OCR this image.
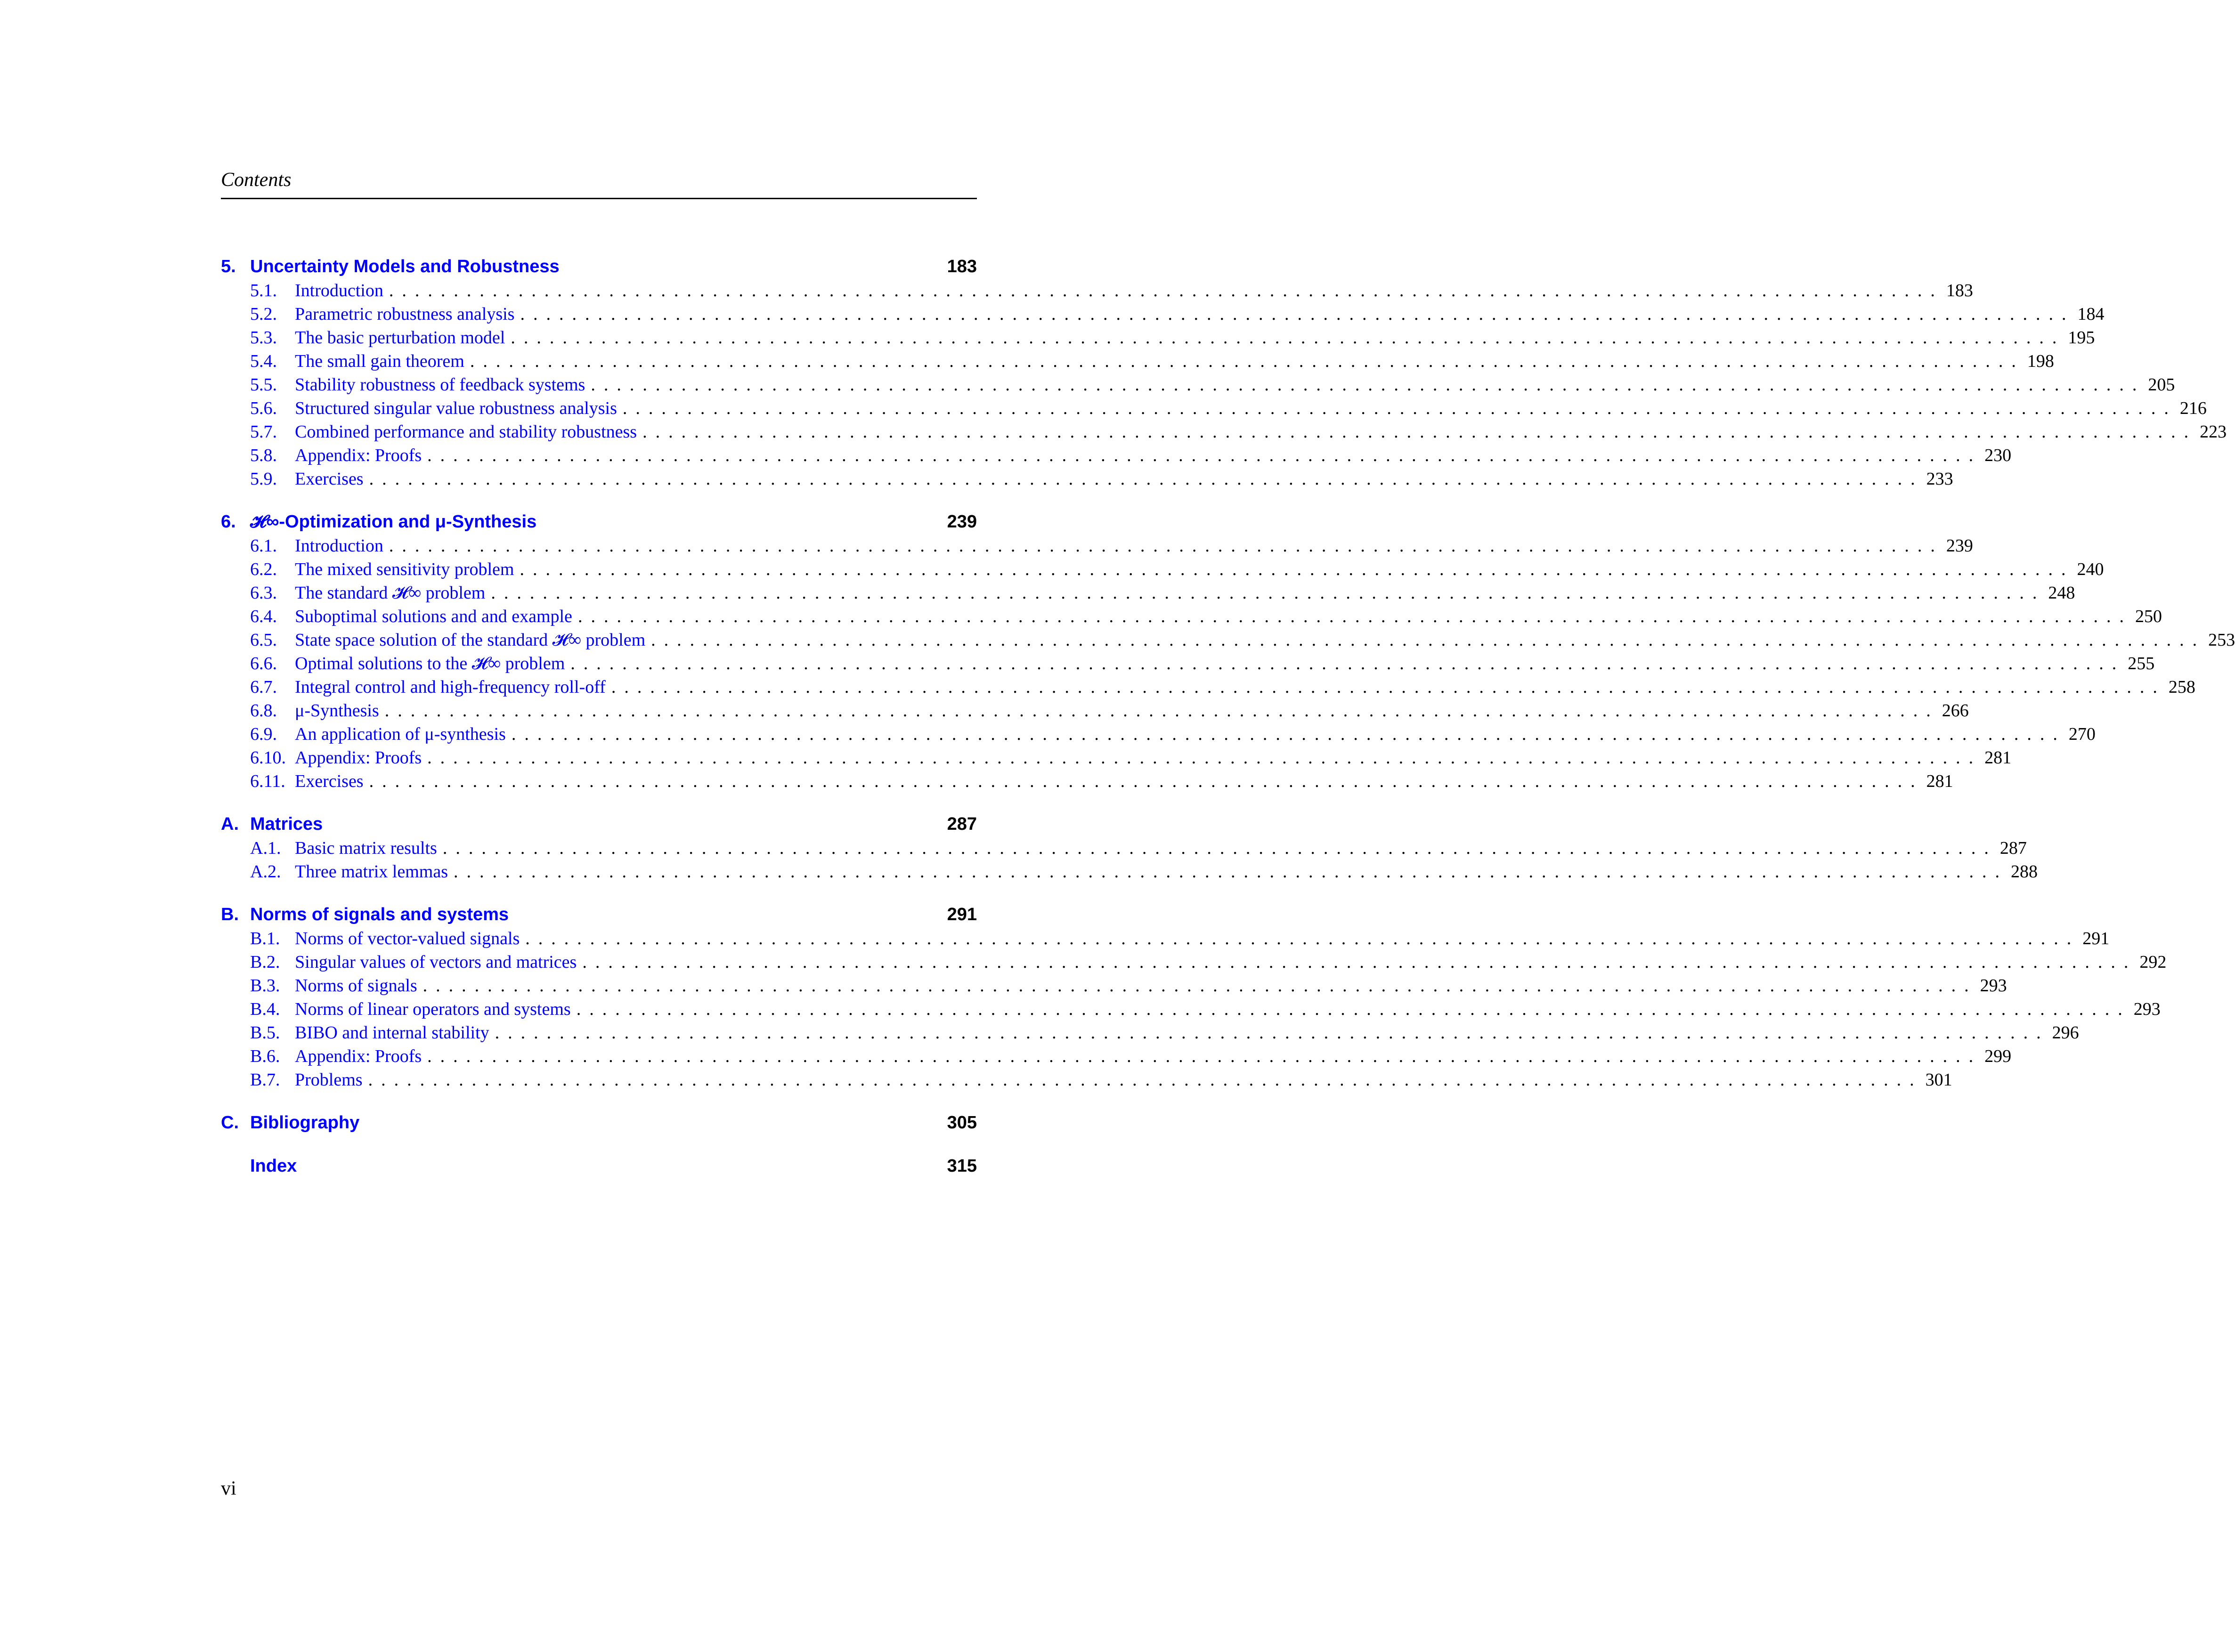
Contents
5. Uncertainty Models and Robustness	183
5.1.	Introduction ........................................................................................................................ 183
5.2.	Parametric robustness analysis ........................................................................................................................ 184
5.3.	The basic perturbation model ........................................................................................................................ 195
5.4.	The small gain theorem ........................................................................................................................ 198
5.5.	Stability robustness of feedback systems ........................................................................................................................ 205
5.6.	Structured singular value robustness analysis ........................................................................................................................ 216
5.7.	Combined performance and stability robustness ........................................................................................................................ 223
5.8.	Appendix: Proofs ........................................................................................................................ 230
5.9.	Exercises ........................................................................................................................ 233
6. 𝓗∞-Optimization and μ-Synthesis	239
6.1.	Introduction ........................................................................................................................ 239
6.2.	The mixed sensitivity problem ........................................................................................................................ 240
6.3.	The standard 𝓗∞ problem ........................................................................................................................ 248
6.4.	Suboptimal solutions and and example ........................................................................................................................ 250
6.5.	State space solution of the standard 𝓗∞ problem ........................................................................................................................ 253
6.6.	Optimal solutions to the 𝓗∞ problem ........................................................................................................................ 255
6.7.	Integral control and high-frequency roll-off ........................................................................................................................ 258
6.8.	μ-Synthesis ........................................................................................................................ 266
6.9.	An application of μ-synthesis ........................................................................................................................ 270
6.10. Appendix: Proofs ........................................................................................................................ 281
6.11. Exercises ........................................................................................................................ 281
A. Matrices	287
A.1. Basic matrix results ........................................................................................................................ 287
A.2. Three matrix lemmas ........................................................................................................................ 288
B. Norms of signals and systems	291
B.1. Norms of vector-valued signals ........................................................................................................................ 291
B.2. Singular values of vectors and matrices ........................................................................................................................ 292
B.3. Norms of signals ........................................................................................................................ 293
B.4. Norms of linear operators and systems ........................................................................................................................ 293
B.5. BIBO and internal stability ........................................................................................................................ 296
B.6. Appendix: Proofs ........................................................................................................................ 299
B.7. Problems ........................................................................................................................ 301
C. Bibliography	305
Index	315
vi
